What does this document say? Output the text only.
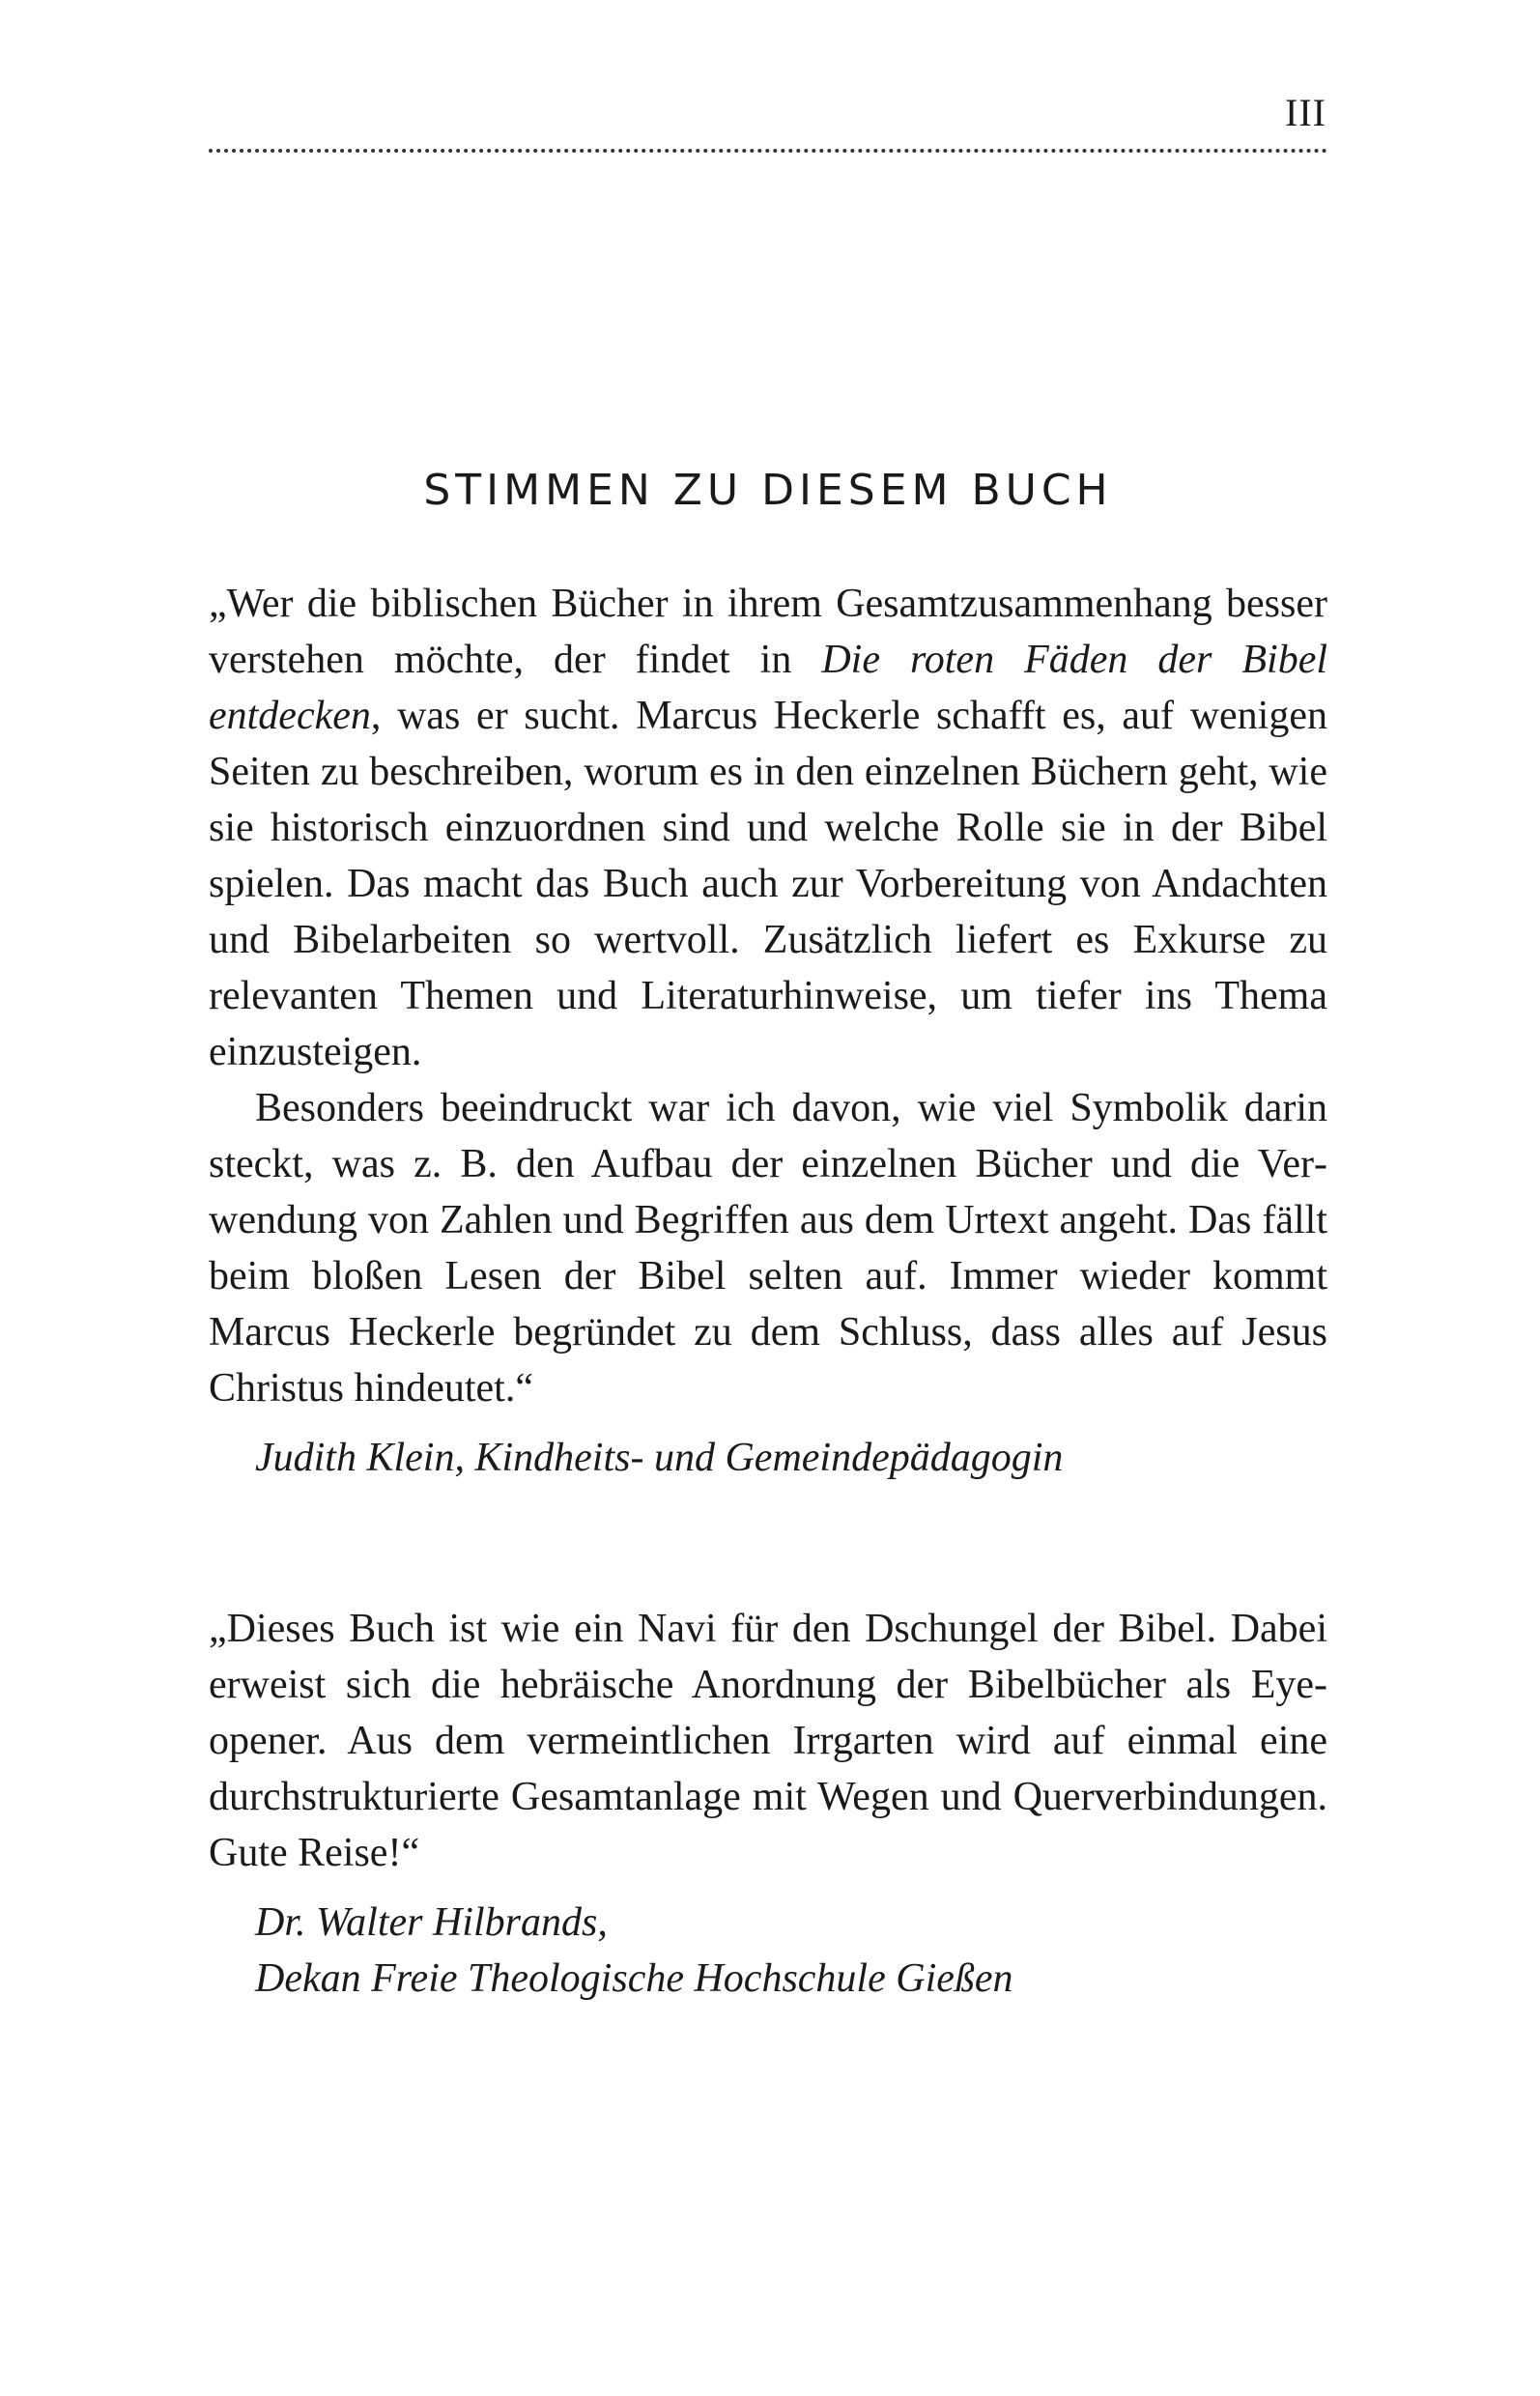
III
STIMMEN ZU DIESEM BUCH

„Wer die biblischen Bücher in ihrem Gesamtzusammenhang besser verstehen möchte, der findet in Die roten Fäden der Bibel entdecken, was er sucht. Marcus Heckerle schafft es, auf wenigen Seiten zu beschreiben, worum es in den einzelnen Büchern geht, wie sie historisch einzuordnen sind und welche Rolle sie in der Bibel spielen. Das macht das Buch auch zur Vorbereitung von Andachten und Bibelarbeiten so wertvoll. Zusätzlich liefert es Exkurse zu relevanten Themen und Literaturhinweise, um tiefer ins Thema einzusteigen.

Besonders beeindruckt war ich davon, wie viel Symbolik darin steckt, was z. B. den Aufbau der einzelnen Bücher und die Verwendung von Zahlen und Begriffen aus dem Urtext angeht. Das fällt beim bloßen Lesen der Bibel selten auf. Immer wieder kommt Marcus Heckerle begründet zu dem Schluss, dass alles auf Jesus Christus hindeutet.“

Judith Klein, Kindheits- und Gemeindepädagogin

„Dieses Buch ist wie ein Navi für den Dschungel der Bibel. Dabei erweist sich die hebräische Anordnung der Bibelbücher als Eyeopener. Aus dem vermeintlichen Irrgarten wird auf einmal eine durchstrukturierte Gesamtanlage mit Wegen und Querverbindungen. Gute Reise!“

Dr. Walter Hilbrands,
Dekan Freie Theologische Hochschule Gießen
